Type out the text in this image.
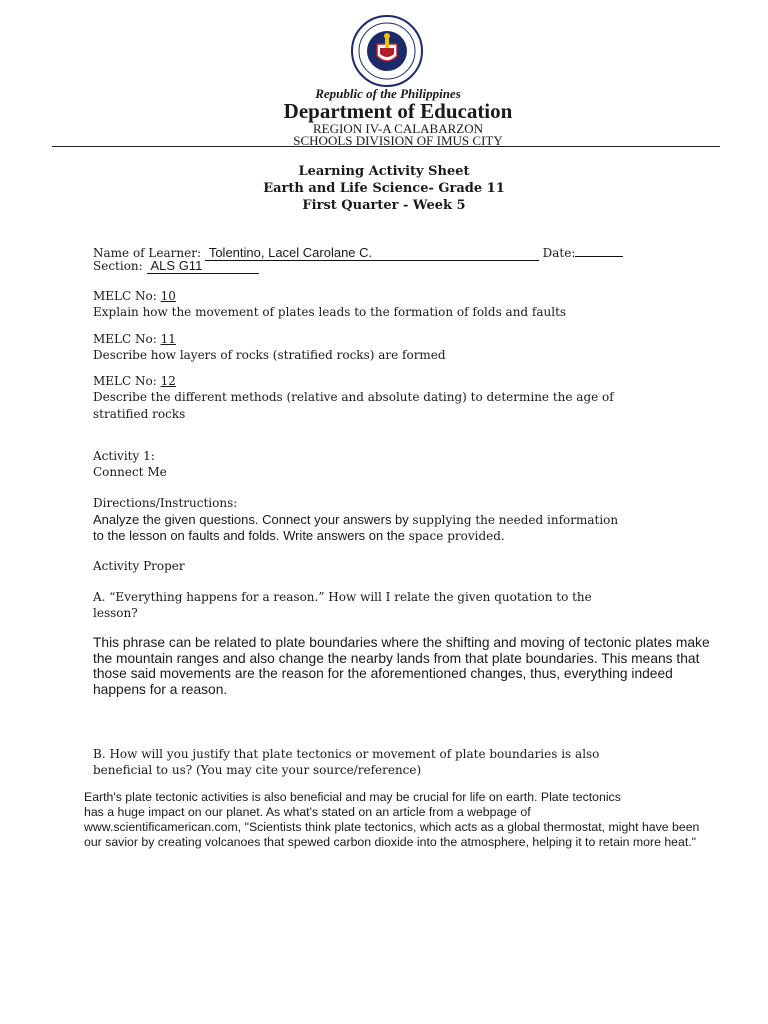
Republic of the Philippines
Department of Education
REGION IV-A CALABARZON
SCHOOLS DIVISION OF IMUS CITY
Learning Activity Sheet
Earth and Life Science- Grade 11
First Quarter - Week 5
Name of Learner: Tolentino, Lacel Carolane C.	Date:
Section: ALS G11
MELC No: 10
Explain how the movement of plates leads to the formation of folds and faults
MELC No: 11
Describe how layers of rocks (stratified rocks) are formed
MELC No: 12
Describe the different methods (relative and absolute dating) to determine the age of
stratified rocks
Activity 1:
Connect Me
Directions/Instructions:
Analyze the given questions. Connect your answers by supplying the needed information
to the lesson on faults and folds. Write answers on the space provided.
Activity Proper
A. “Everything happens for a reason.” How will I relate the given quotation to the
lesson?
This phrase can be related to plate boundaries where the shifting and moving of tectonic plates make
the mountain ranges and also change the nearby lands from that plate boundaries. This means that
those said movements are the reason for the aforementioned changes, thus, everything indeed
happens for a reason.
B. How will you justify that plate tectonics or movement of plate boundaries is also
beneficial to us? (You may cite your source/reference)
Earth's plate tectonic activities is also beneficial and may be crucial for life on earth. Plate tectonics
has a huge impact on our planet. As what's stated on an article from a webpage of
www.scientificamerican.com, "Scientists think plate tectonics, which acts as a global thermostat, might have been
our savior by creating volcanoes that spewed carbon dioxide into the atmosphere, helping it to retain more heat."
